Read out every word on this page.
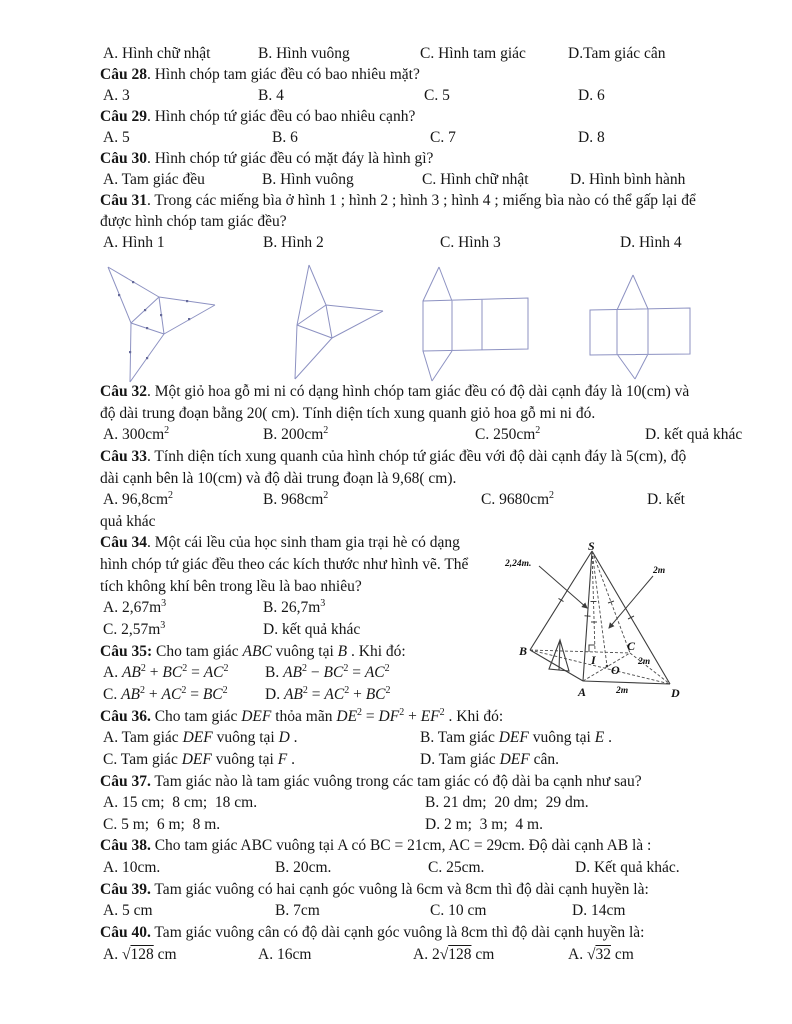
S
B	C
I
O
A	D
2,24m.
2m
2m
2m
A. Hình chữ nhật	B. Hình vuông	C. Hình tam giác	D.Tam giác cân
Câu 28. Hình chóp tam giác đều có bao nhiêu mặt?
A. 3	B. 4	C. 5	D. 6
Câu 29. Hình chóp tứ giác đều có bao nhiêu cạnh?
A. 5	B. 6	C. 7	D. 8
Câu 30. Hình chóp tứ giác đều có mặt đáy là hình gì?
A. Tam giác đều	B. Hình vuông	C. Hình chữ nhật	D. Hình bình hành
Câu 31. Trong các miếng bìa ở hình 1 ; hình 2 ; hình 3 ; hình 4 ; miếng bìa nào có thể gấp lại để
được hình chóp tam giác đều?
A. Hình 1	B. Hình 2	C. Hình 3	D. Hình 4
Câu 32. Một giỏ hoa gỗ mi ni có dạng hình chóp tam giác đều có độ dài cạnh đáy là 10(cm) và
độ dài trung đoạn bằng 20( cm). Tính diện tích xung quanh giỏ hoa gỗ mi ni đó.
A. $300cm^2$	B. $200cm^2$	C. $250cm^2$	D. kết quả khác
Câu 33. Tính diện tích xung quanh của hình chóp tứ giác đều với độ dài cạnh đáy là 5(cm), độ
dài cạnh bên là 10(cm) và độ dài trung đoạn là 9,68( cm).
A. $96,8cm^2$	B. $968cm^2$	C. $9680cm^2$	D. kết
quả khác
Câu 34. Một cái lều của học sinh tham gia trại hè có dạng
hình chóp tứ giác đều theo các kích thước như hình vẽ. Thể
tích không khí bên trong lều là bao nhiêu?
A. $2,67m^3$	B. $26,7m^3$
C. $2,57m^3$	D. kết quả khác
Câu 35: Cho tam giác ABC vuông tại B . Khi đó:
A. $AB^2 + BC^2 = AC^2$ B. $AB^2 - BC^2 = AC^2$
C. $AB^2 + AC^2 = BC^2$ D. $AB^2 = AC^2 + BC^2$
Câu 36. Cho tam giác DEF thỏa mãn $DE^2 = DF^2 + EF^2$ . Khi đó:
A. Tam giác DEF vuông tại D .	B. Tam giác DEF vuông tại E .
C. Tam giác DEF vuông tại F .	D. Tam giác DEF cân.
Câu 37. Tam giác nào là tam giác vuông trong các tam giác có độ dài ba cạnh như sau?
A. 15 cm;  8 cm;  18 cm.	B. 21 dm;  20 dm;  29 dm.
C. 5 m;  6 m;  8 m.	D. 2 m;  3 m;  4 m.
Câu 38. Cho tam giác ABC vuông tại A có BC = 21cm, AC = 29cm. Độ dài cạnh AB là :
A. 10cm.	B. 20cm.	C. 25cm.	D. Kết quả khác.
Câu 39. Tam giác vuông có hai cạnh góc vuông là 6cm và 8cm thì độ dài cạnh huyền là:
A. 5 cm	B. 7cm	C. 10 cm	D. 14cm
Câu 40. Tam giác vuông cân có độ dài cạnh góc vuông là 8cm thì độ dài cạnh huyền là:
A. √128 cm	A. 16cm	A. 2√128 cm	A. √32 cm
